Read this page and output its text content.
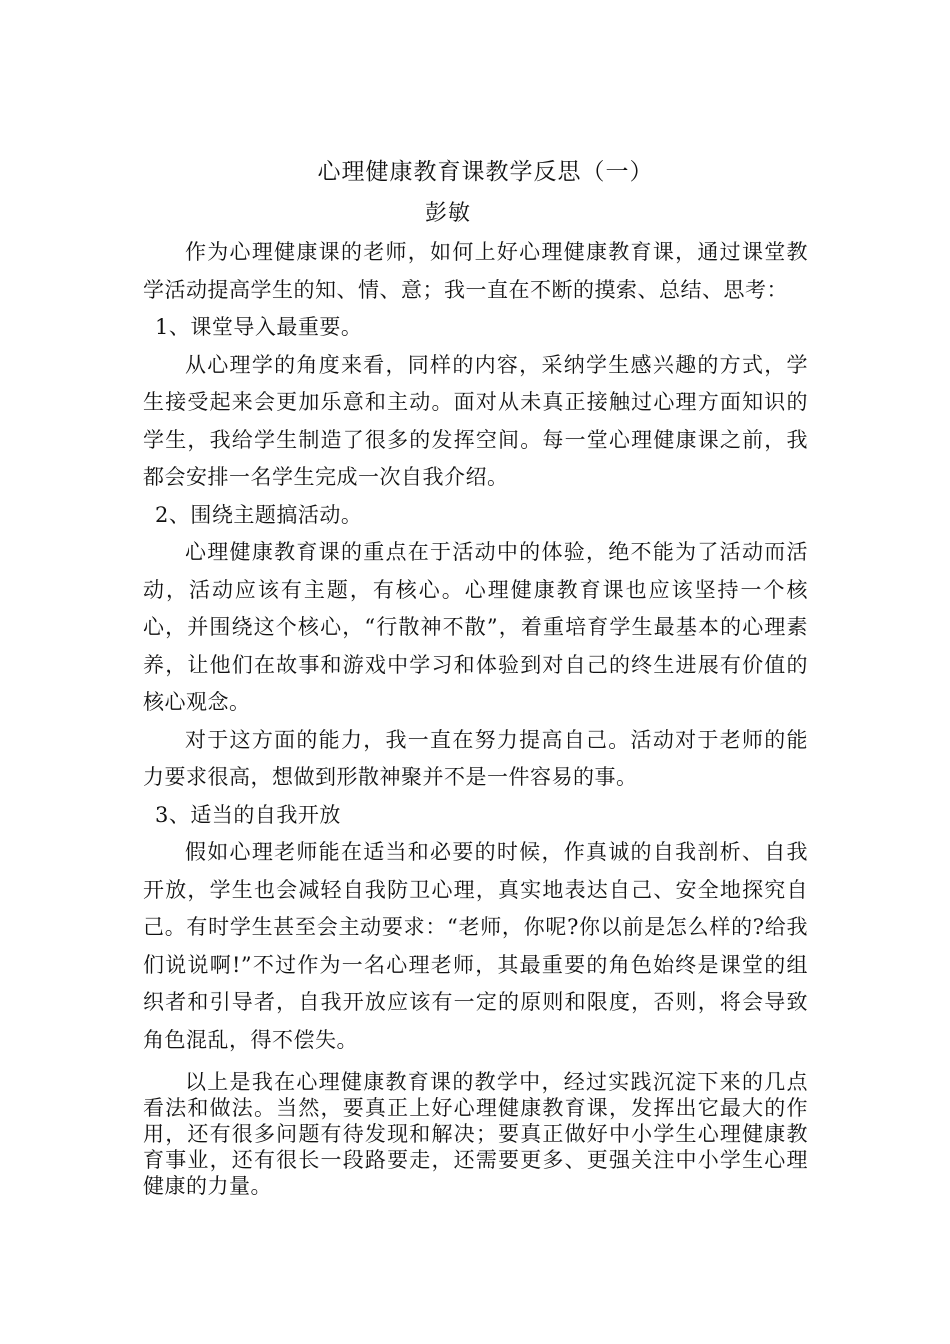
心理健康教育课教学反思（一）

彭敏

作为心理健康课的老师，如何上好心理健康教育课，通过课堂教学活动提高学生的知、情、意；我一直在不断的摸索、总结、思考：

1、课堂导入最重要。

从心理学的角度来看，同样的内容，采纳学生感兴趣的方式，学生接受起来会更加乐意和主动。面对从未真正接触过心理方面知识的学生，我给学生制造了很多的发挥空间。每一堂心理健康课之前，我都会安排一名学生完成一次自我介绍。

2、围绕主题搞活动。

心理健康教育课的重点在于活动中的体验，绝不能为了活动而活动，活动应该有主题，有核心。心理健康教育课也应该坚持一个核心，并围绕这个核心，“行散神不散”，着重培育学生最基本的心理素养，让他们在故事和游戏中学习和体验到对自己的终生进展有价值的核心观念。

对于这方面的能力，我一直在努力提高自己。活动对于老师的能力要求很高，想做到形散神聚并不是一件容易的事。

3、适当的自我开放

假如心理老师能在适当和必要的时候，作真诚的自我剖析、自我开放，学生也会减轻自我防卫心理，真实地表达自己、安全地探究自己。有时学生甚至会主动要求：“老师，你呢?你以前是怎么样的?给我们说说啊!”不过作为一名心理老师，其最重要的角色始终是课堂的组织者和引导者，自我开放应该有一定的原则和限度，否则，将会导致角色混乱，得不偿失。

以上是我在心理健康教育课的教学中，经过实践沉淀下来的几点看法和做法。当然，要真正上好心理健康教育课，发挥出它最大的作用，还有很多问题有待发现和解决；要真正做好中小学生心理健康教育事业，还有很长一段路要走，还需要更多、更强关注中小学生心理健康的力量。
